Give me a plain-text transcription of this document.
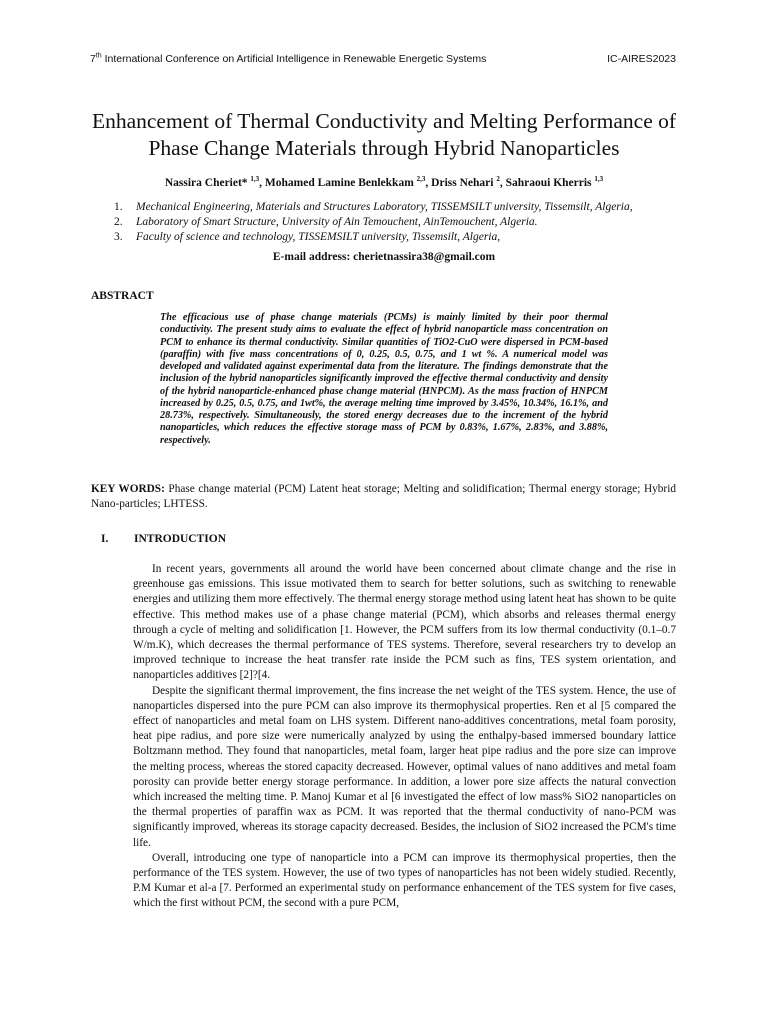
7th International Conference on Artificial Intelligence in Renewable Energetic Systems	IC-AIRES2023
Enhancement of Thermal Conductivity and Melting Performance of Phase Change Materials through Hybrid Nanoparticles
Nassira Cheriet* $^{1,3}$, Mohamed Lamine Benlekkam $^{2,3}$, Driss Nehari $^2$, Sahraoui Kherris $^{1,3}$
1.	Mechanical Engineering, Materials and Structures Laboratory, TISSEMSILT university, Tissemsilt, Algeria,
2.	Laboratory of Smart Structure, University of Ain Temouchent, AinTemouchent, Algeria.
3.	Faculty of science and technology, TISSEMSILT university, Tissemsilt, Algeria,
E-mail address: cherietnassira38@gmail.com
ABSTRACT

The efficacious use of phase change materials (PCMs) is mainly limited by their poor thermal conductivity. The present study aims to evaluate the effect of hybrid nanoparticle mass concentration on PCM to enhance its thermal conductivity. Similar quantities of TiO2-CuO were dispersed in PCM-based (paraffin) with five mass concentrations of 0, 0.25, 0.5, 0.75, and 1 wt %. A numerical model was developed and validated against experimental data from the literature. The findings demonstrate that the inclusion of the hybrid nanoparticles significantly improved the effective thermal conductivity and density of the hybrid nanoparticle-enhanced phase change material (HNPCM). As the mass fraction of HNPCM increased by 0.25, 0.5, 0.75, and 1wt%, the average melting time improved by 3.45%, 10.34%, 16.1%, and 28.73%, respectively. Simultaneously, the stored energy decreases due to the increment of the hybrid nanoparticles, which reduces the effective storage mass of PCM by 0.83%, 1.67%, 2.83%, and 3.88%, respectively.

KEY WORDS: Phase change material (PCM) Latent heat storage; Melting and solidification; Thermal energy storage; Hybrid Nano-particles; LHTESS.

I.	INTRODUCTION

In recent years, governments all around the world have been concerned about climate change and the rise in greenhouse gas emissions. This issue motivated them to search for better solutions, such as switching to renewable energies and utilizing them more effectively. The thermal energy storage method using latent heat has shown to be quite effective. This method makes use of a phase change material (PCM), which absorbs and releases thermal energy through a cycle of melting and solidification [1. However, the PCM suffers from its low thermal conductivity (0.1–0.7 W/m.K), which decreases the thermal performance of TES systems. Therefore, several researchers try to develop an improved technique to increase the heat transfer rate inside the PCM such as fins, TES system orientation, and nanoparticles additives [2]?[4.

Despite the significant thermal improvement, the fins increase the net weight of the TES system. Hence, the use of nanoparticles dispersed into the pure PCM can also improve its thermophysical properties. Ren et al [5 compared the effect of nanoparticles and metal foam on LHS system. Different nano-additives concentrations, metal foam porosity, heat pipe radius, and pore size were numerically analyzed by using the enthalpy-based immersed boundary lattice Boltzmann method. They found that nanoparticles, metal foam, larger heat pipe radius and the pore size can improve the melting process, whereas the stored capacity decreased. However, optimal values of nano additives and metal foam porosity can provide better energy storage performance. In addition, a lower pore size affects the natural convection which increased the melting time. P. Manoj Kumar et al [6 investigated the effect of low mass% SiO2 nanoparticles on the thermal properties of paraffin wax as PCM. It was reported that the thermal conductivity of nano-PCM was significantly improved, whereas its storage capacity decreased. Besides, the inclusion of SiO2 increased the PCM's time life.

Overall, introducing one type of nanoparticle into a PCM can improve its thermophysical properties, then the performance of the TES system. However, the use of two types of nanoparticles has not been widely studied. Recently, P.M Kumar et al-a [7. Performed an experimental study on performance enhancement of the TES system for five cases, which the first without PCM, the second with a pure PCM,
